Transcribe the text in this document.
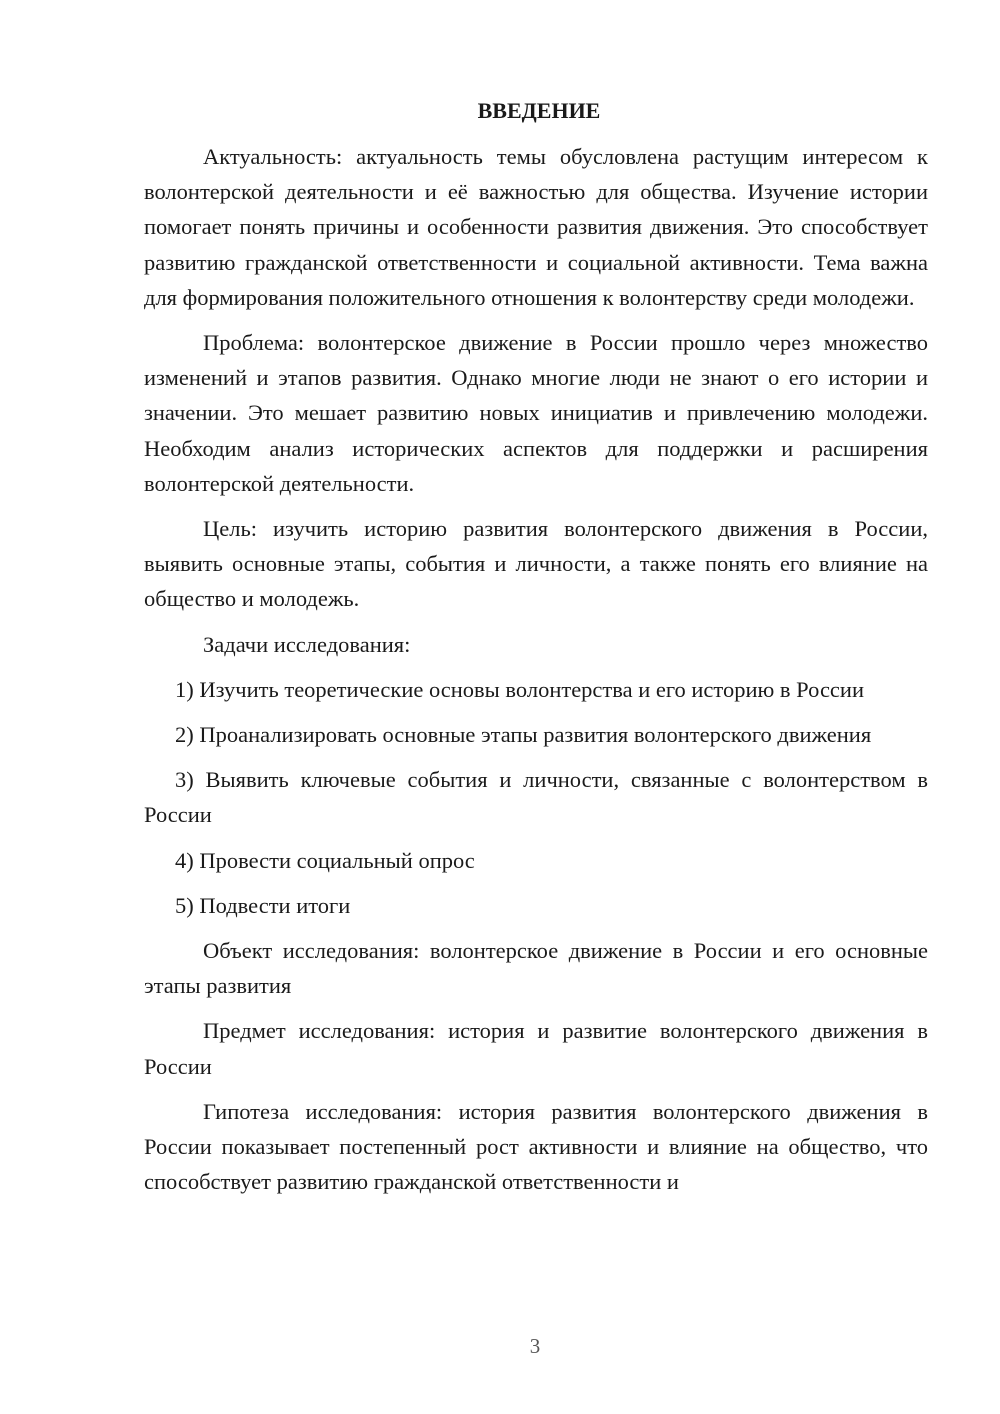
ВВЕДЕНИЕ

Актуальность: актуальность темы обусловлена растущим интересом к волонтерской деятельности и её важностью для общества. Изучение истории помогает понять причины и особенности развития движения. Это способствует развитию гражданской ответственности и социальной активности. Тема важна для формирования положительного отношения к волонтерству среди молодежи.

Проблема: волонтерское движение в России прошло через множество изменений и этапов развития. Однако многие люди не знают о его истории и значении. Это мешает развитию новых инициатив и привлечению молодежи. Необходим анализ исторических аспектов для поддержки и расширения волонтерской деятельности.

Цель: изучить историю развития волонтерского движения в России, выявить основные этапы, события и личности, а также понять его влияние на общество и молодежь.

Задачи исследования:

1) Изучить теоретические основы волонтерства и его историю в России

2) Проанализировать основные этапы развития волонтерского движения

3) Выявить ключевые события и личности, связанные с волонтерством в России

4) Провести социальный опрос

5) Подвести итоги

Объект исследования: волонтерское движение в России и его основные этапы развития

Предмет исследования: история и развитие волонтерского движения в России

Гипотеза исследования: история развития волонтерского движения в России показывает постепенный рост активности и влияние на общество, что способствует развитию гражданской ответственности и

3
